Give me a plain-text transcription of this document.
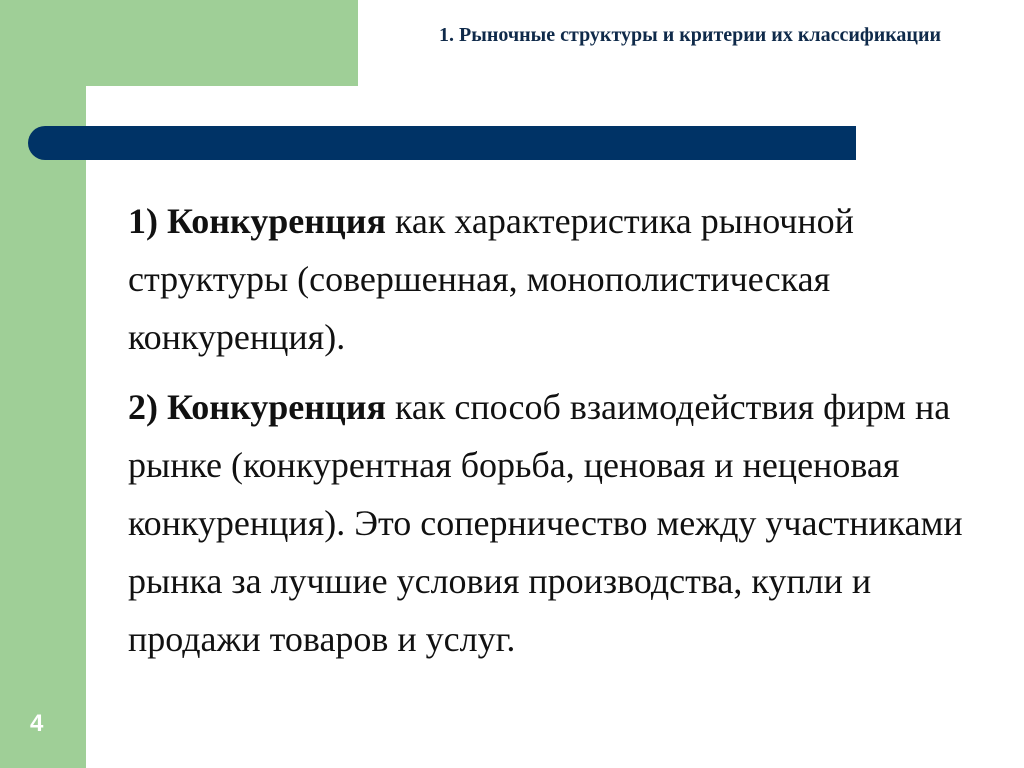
1. Рыночные структуры и критерии их классификации

1) Конкуренция как характеристика рыночной структуры (совершенная, монополистическая конкуренция).

2) Конкуренция как способ взаимодействия фирм на рынке (конкурентная борьба, ценовая и неценовая конкуренция). Это соперничество между участниками рынка за лучшие условия производства, купли и продажи товаров и услуг.

4
